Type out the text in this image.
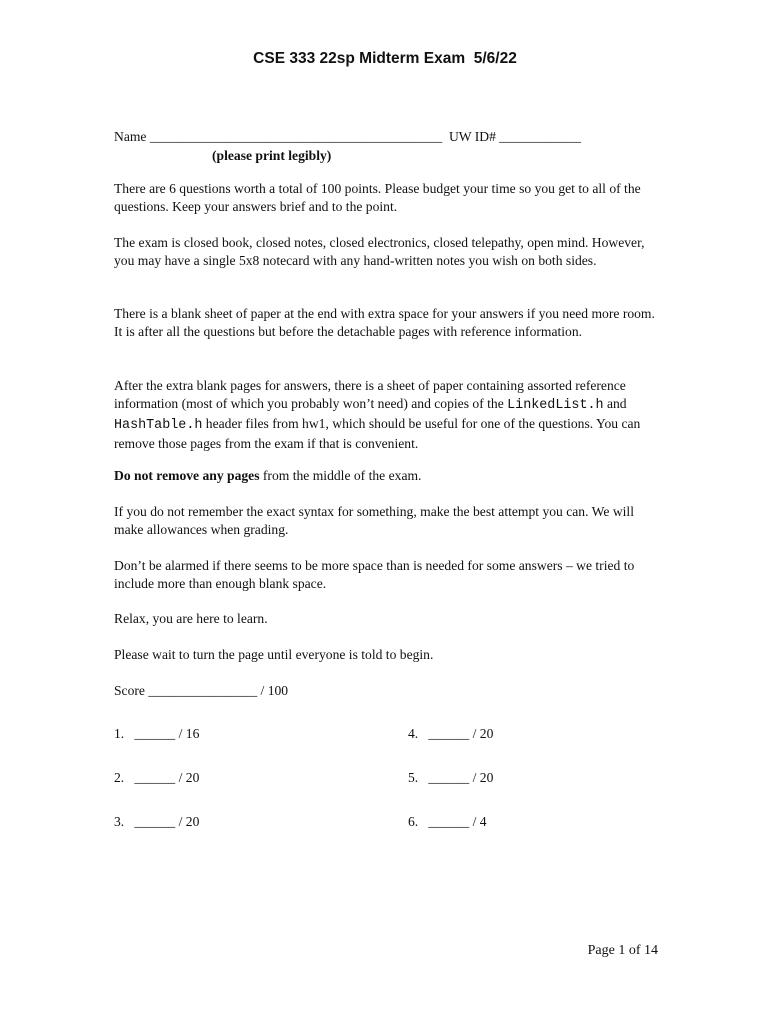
CSE 333 22sp Midterm Exam  5/6/22
Name ___________________________________________ UW ID# ____________
(please print legibly)

There are 6 questions worth a total of 100 points. Please budget your time so you get to all of the questions. Keep your answers brief and to the point.

The exam is closed book, closed notes, closed electronics, closed telepathy, open mind. However, you may have a single 5x8 notecard with any hand-written notes you wish on both sides.

There is a blank sheet of paper at the end with extra space for your answers if you need more room. It is after all the questions but before the detachable pages with reference information.

After the extra blank pages for answers, there is a sheet of paper containing assorted reference information (most of which you probably won’t need) and copies of the LinkedList.h and HashTable.h header files from hw1, which should be useful for one of the questions. You can remove those pages from the exam if that is convenient.

Do not remove any pages from the middle of the exam.

If you do not remember the exact syntax for something, make the best attempt you can. We will make allowances when grading.

Don’t be alarmed if there seems to be more space than is needed for some answers – we tried to include more than enough blank space.

Relax, you are here to learn.

Please wait to turn the page until everyone is told to begin.

Score ________________ / 100
1. ______ / 16
2. ______ / 20
3. ______ / 20
4. ______ / 20
5. ______ / 20
6. ______ / 4
Page 1 of 14
